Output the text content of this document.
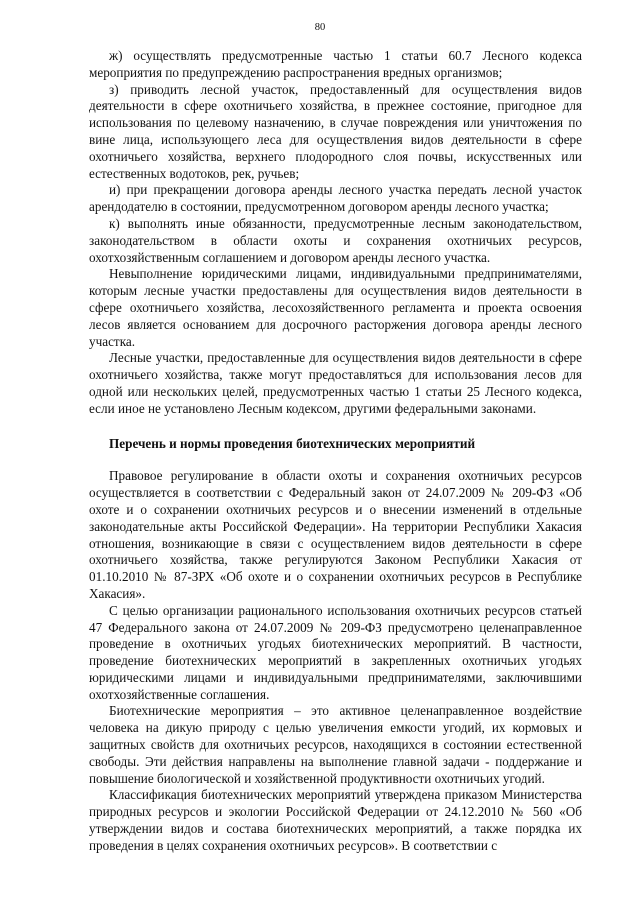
80

ж) осуществлять предусмотренные частью 1 статьи 60.7 Лесного кодекса мероприятия по предупреждению распространения вредных организмов;

з) приводить лесной участок, предоставленный для осуществления видов деятельности в сфере охотничьего хозяйства, в прежнее состояние, пригодное для использования по целевому назначению, в случае повреждения или уничтожения по вине лица, использующего леса для осуществления видов деятельности в сфере охотничьего хозяйства, верхнего плодородного слоя почвы, искусственных или естественных водотоков, рек, ручьев;

и) при прекращении договора аренды лесного участка передать лесной участок арендодателю в состоянии, предусмотренном договором аренды лесного участка;

к) выполнять иные обязанности, предусмотренные лесным законодательством, законодательством в области охоты и сохранения охотничьих ресурсов, охотхозяйственным соглашением и договором аренды лесного участка.

Невыполнение юридическими лицами, индивидуальными предпринимателями, которым лесные участки предоставлены для осуществления видов деятельности в сфере охотничьего хозяйства, лесохозяйственного регламента и проекта освоения лесов является основанием для досрочного расторжения договора аренды лесного участка.

Лесные участки, предоставленные для осуществления видов деятельности в сфере охотничьего хозяйства, также могут предоставляться для использования лесов для одной или нескольких целей, предусмотренных частью 1 статьи 25 Лесного кодекса, если иное не установлено Лесным кодексом, другими федеральными законами.

Перечень и нормы проведения биотехнических мероприятий

Правовое регулирование в области охоты и сохранения охотничьих ресурсов осуществляется в соответствии с Федеральный закон от 24.07.2009 № 209-ФЗ «Об охоте и о сохранении охотничьих ресурсов и о внесении изменений в отдельные законодательные акты Российской Федерации». На территории Республики Хакасия отношения, возникающие в связи с осуществлением видов деятельности в сфере охотничьего хозяйства, также регулируются Законом Республики Хакасия от 01.10.2010 № 87-ЗРХ «Об охоте и о сохранении охотничьих ресурсов в Республике Хакасия».

С целью организации рационального использования охотничьих ресурсов статьей 47 Федерального закона от 24.07.2009 № 209-ФЗ предусмотрено целенаправленное проведение в охотничьих угодьях биотехнических мероприятий. В частности, проведение биотехнических мероприятий в закрепленных охотничьих угодьях юридическими лицами и индивидуальными предпринимателями, заключившими охотхозяйственные соглашения.

Биотехнические мероприятия – это активное целенаправленное воздействие человека на дикую природу с целью увеличения емкости угодий, их кормовых и защитных свойств для охотничьих ресурсов, находящихся в состоянии естественной свободы. Эти действия направлены на выполнение главной задачи - поддержание и повышение биологической и хозяйственной продуктивности охотничьих угодий.

Классификация биотехнических мероприятий утверждена приказом Министерства природных ресурсов и экологии Российской Федерации от 24.12.2010 № 560 «Об утверждении видов и состава биотехнических мероприятий, а также порядка их проведения в целях сохранения охотничьих ресурсов». В соответствии с
